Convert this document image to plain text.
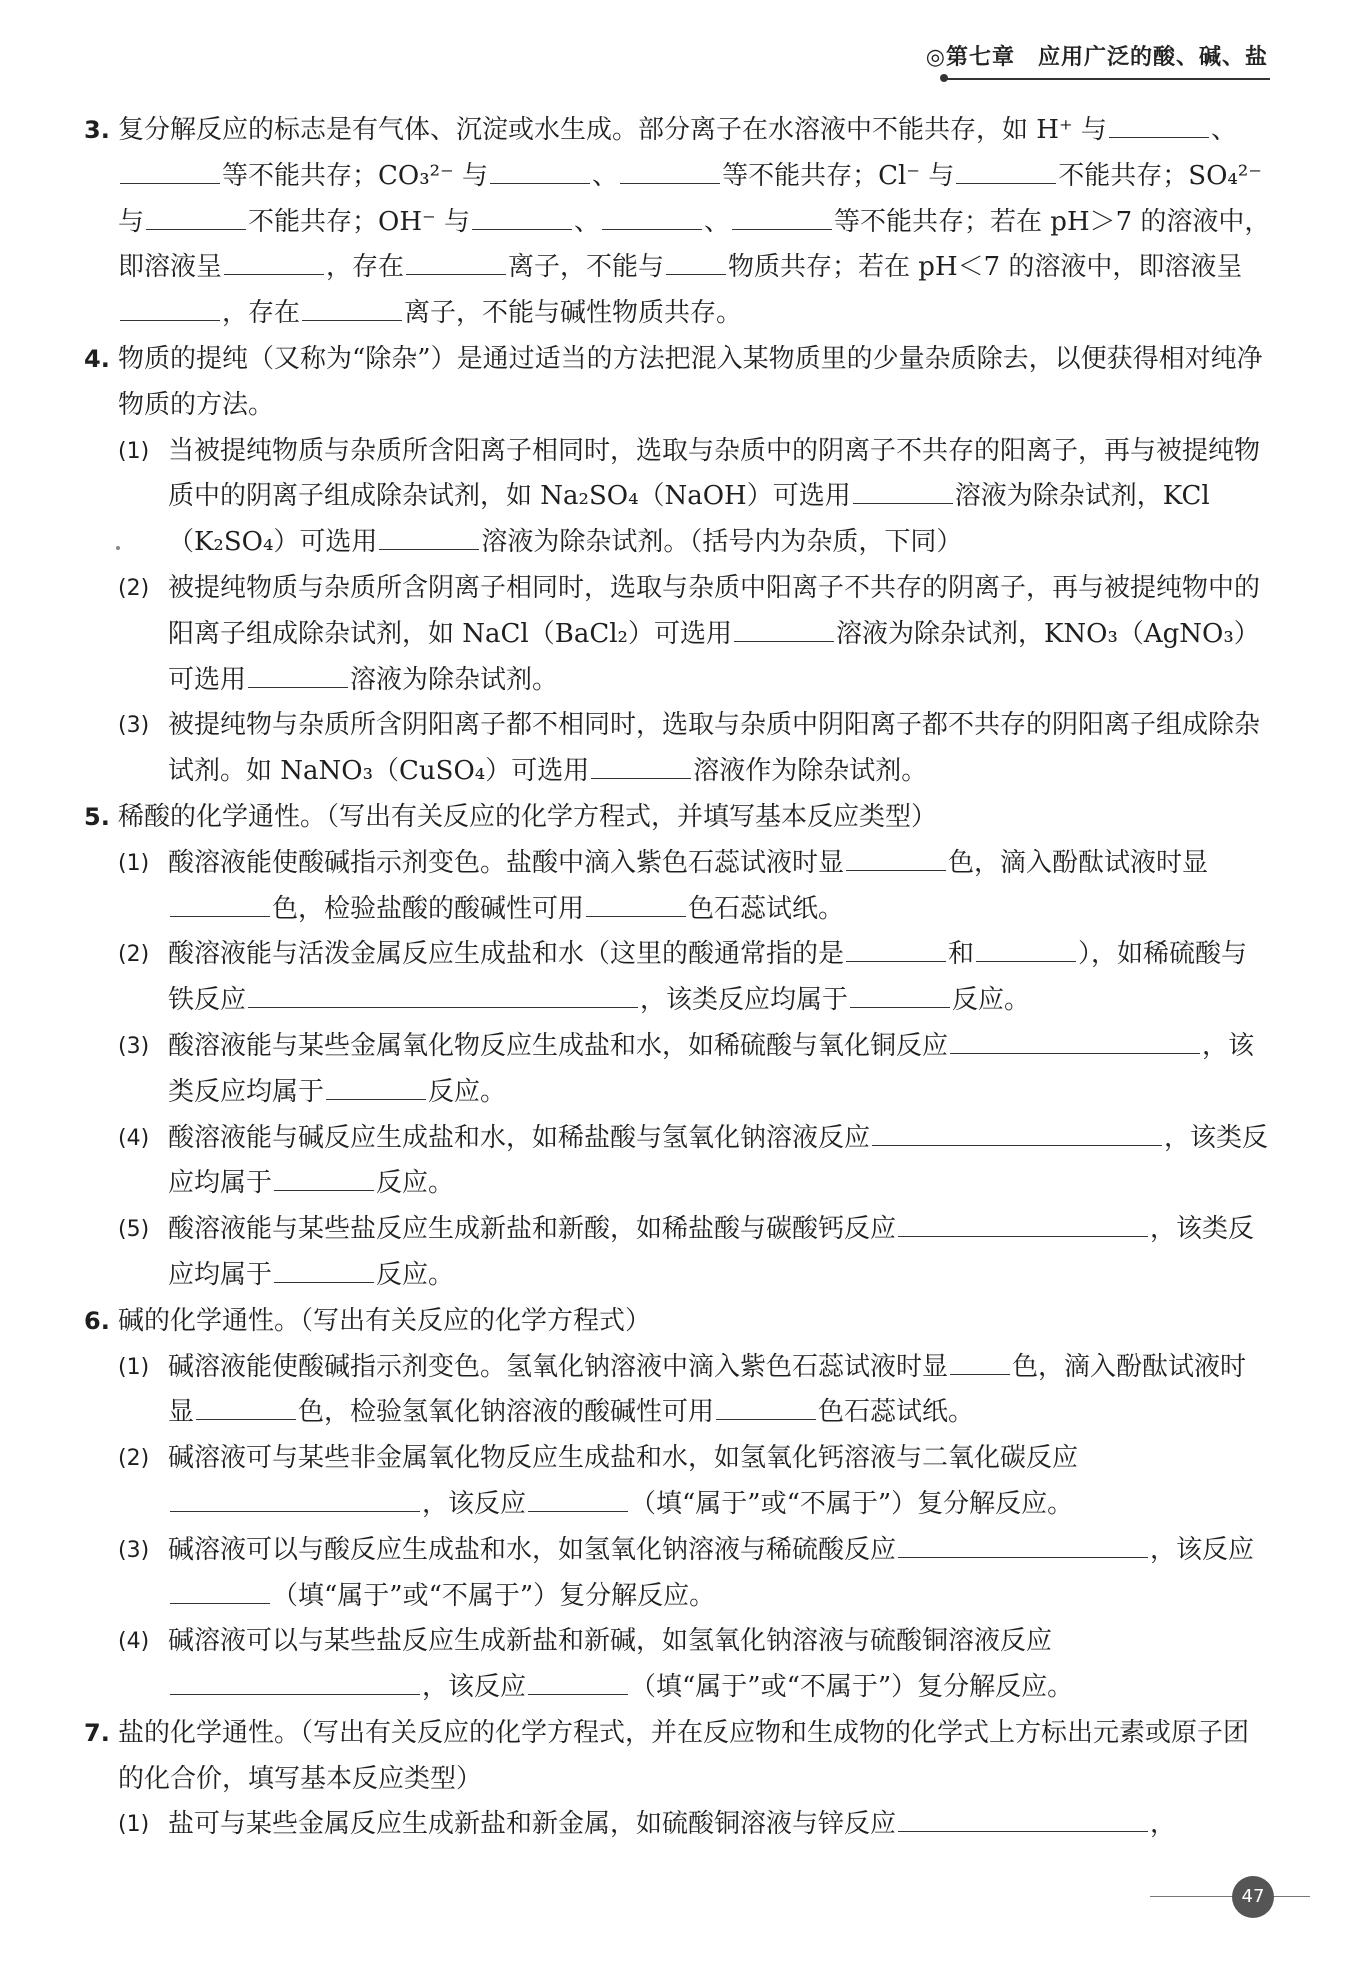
◎第七章　应用广泛的酸、碱、盐
3. 复分解反应的标志是有气体、沉淀或水生成。部分离子在水溶液中不能共存，如 H⁺ 与	、等不能共存；CO₃²⁻ 与	、	等不能共存；Cl⁻ 与	不能共存；SO₄²⁻ 与	不能共存；OH⁻ 与	、	、	等不能共存；若在 pH＞7 的溶液中，即溶液呈	，存在	离子，不能与 物质共存；若在 pH＜7 的溶液中，即溶液呈，存在	离子，不能与碱性物质共存。
4. 物质的提纯（又称为“除杂”）是通过适当的方法把混入某物质里的少量杂质除去，以便获得相对纯净物质的方法。
(1) 当被提纯物质与杂质所含阳离子相同时，选取与杂质中的阴离子不共存的阳离子，再与被提纯物质中的阴离子组成除杂试剂，如 Na₂SO₄（NaOH）可选用	溶液为除杂试剂，KCl（K₂SO₄）可选用	溶液为除杂试剂。（括号内为杂质，下同）
(2) 被提纯物质与杂质所含阴离子相同时，选取与杂质中阳离子不共存的阴离子，再与被提纯物中的阳离子组成除杂试剂，如 NaCl（BaCl₂）可选用	溶液为除杂试剂，KNO₃（AgNO₃）可选用	溶液为除杂试剂。
(3) 被提纯物与杂质所含阴阳离子都不相同时，选取与杂质中阴阳离子都不共存的阴阳离子组成除杂试剂。如 NaNO₃（CuSO₄）可选用	溶液作为除杂试剂。
5. 稀酸的化学通性。（写出有关反应的化学方程式，并填写基本反应类型）
(1) 酸溶液能使酸碱指示剂变色。盐酸中滴入紫色石蕊试液时显	色，滴入酚酞试液时显色，检验盐酸的酸碱性可用	色石蕊试纸。
(2) 酸溶液能与活泼金属反应生成盐和水（这里的酸通常指的是	和	），如稀硫酸与铁反应	，该类反应均属于	反应。
(3) 酸溶液能与某些金属氧化物反应生成盐和水，如稀硫酸与氧化铜反应	，该类反应均属于	反应。
(4) 酸溶液能与碱反应生成盐和水，如稀盐酸与氢氧化钠溶液反应	，该类反应均属于	反应。
(5) 酸溶液能与某些盐反应生成新盐和新酸，如稀盐酸与碳酸钙反应	，该类反应均属于	反应。
6. 碱的化学通性。（写出有关反应的化学方程式）
(1) 碱溶液能使酸碱指示剂变色。氢氧化钠溶液中滴入紫色石蕊试液时显 色，滴入酚酞试液时显	色，检验氢氧化钠溶液的酸碱性可用	色石蕊试纸。
(2) 碱溶液可与某些非金属氧化物反应生成盐和水，如氢氧化钙溶液与二氧化碳反应，该反应	（填“属于”或“不属于”）复分解反应。
(3) 碱溶液可以与酸反应生成盐和水，如氢氧化钠溶液与稀硫酸反应	，该反应（填“属于”或“不属于”）复分解反应。
(4) 碱溶液可以与某些盐反应生成新盐和新碱，如氢氧化钠溶液与硫酸铜溶液反应，该反应	（填“属于”或“不属于”）复分解反应。
7. 盐的化学通性。（写出有关反应的化学方程式，并在反应物和生成物的化学式上方标出元素或原子团的化合价，填写基本反应类型）
(1) 盐可与某些金属反应生成新盐和新金属，如硫酸铜溶液与锌反应	，
47
